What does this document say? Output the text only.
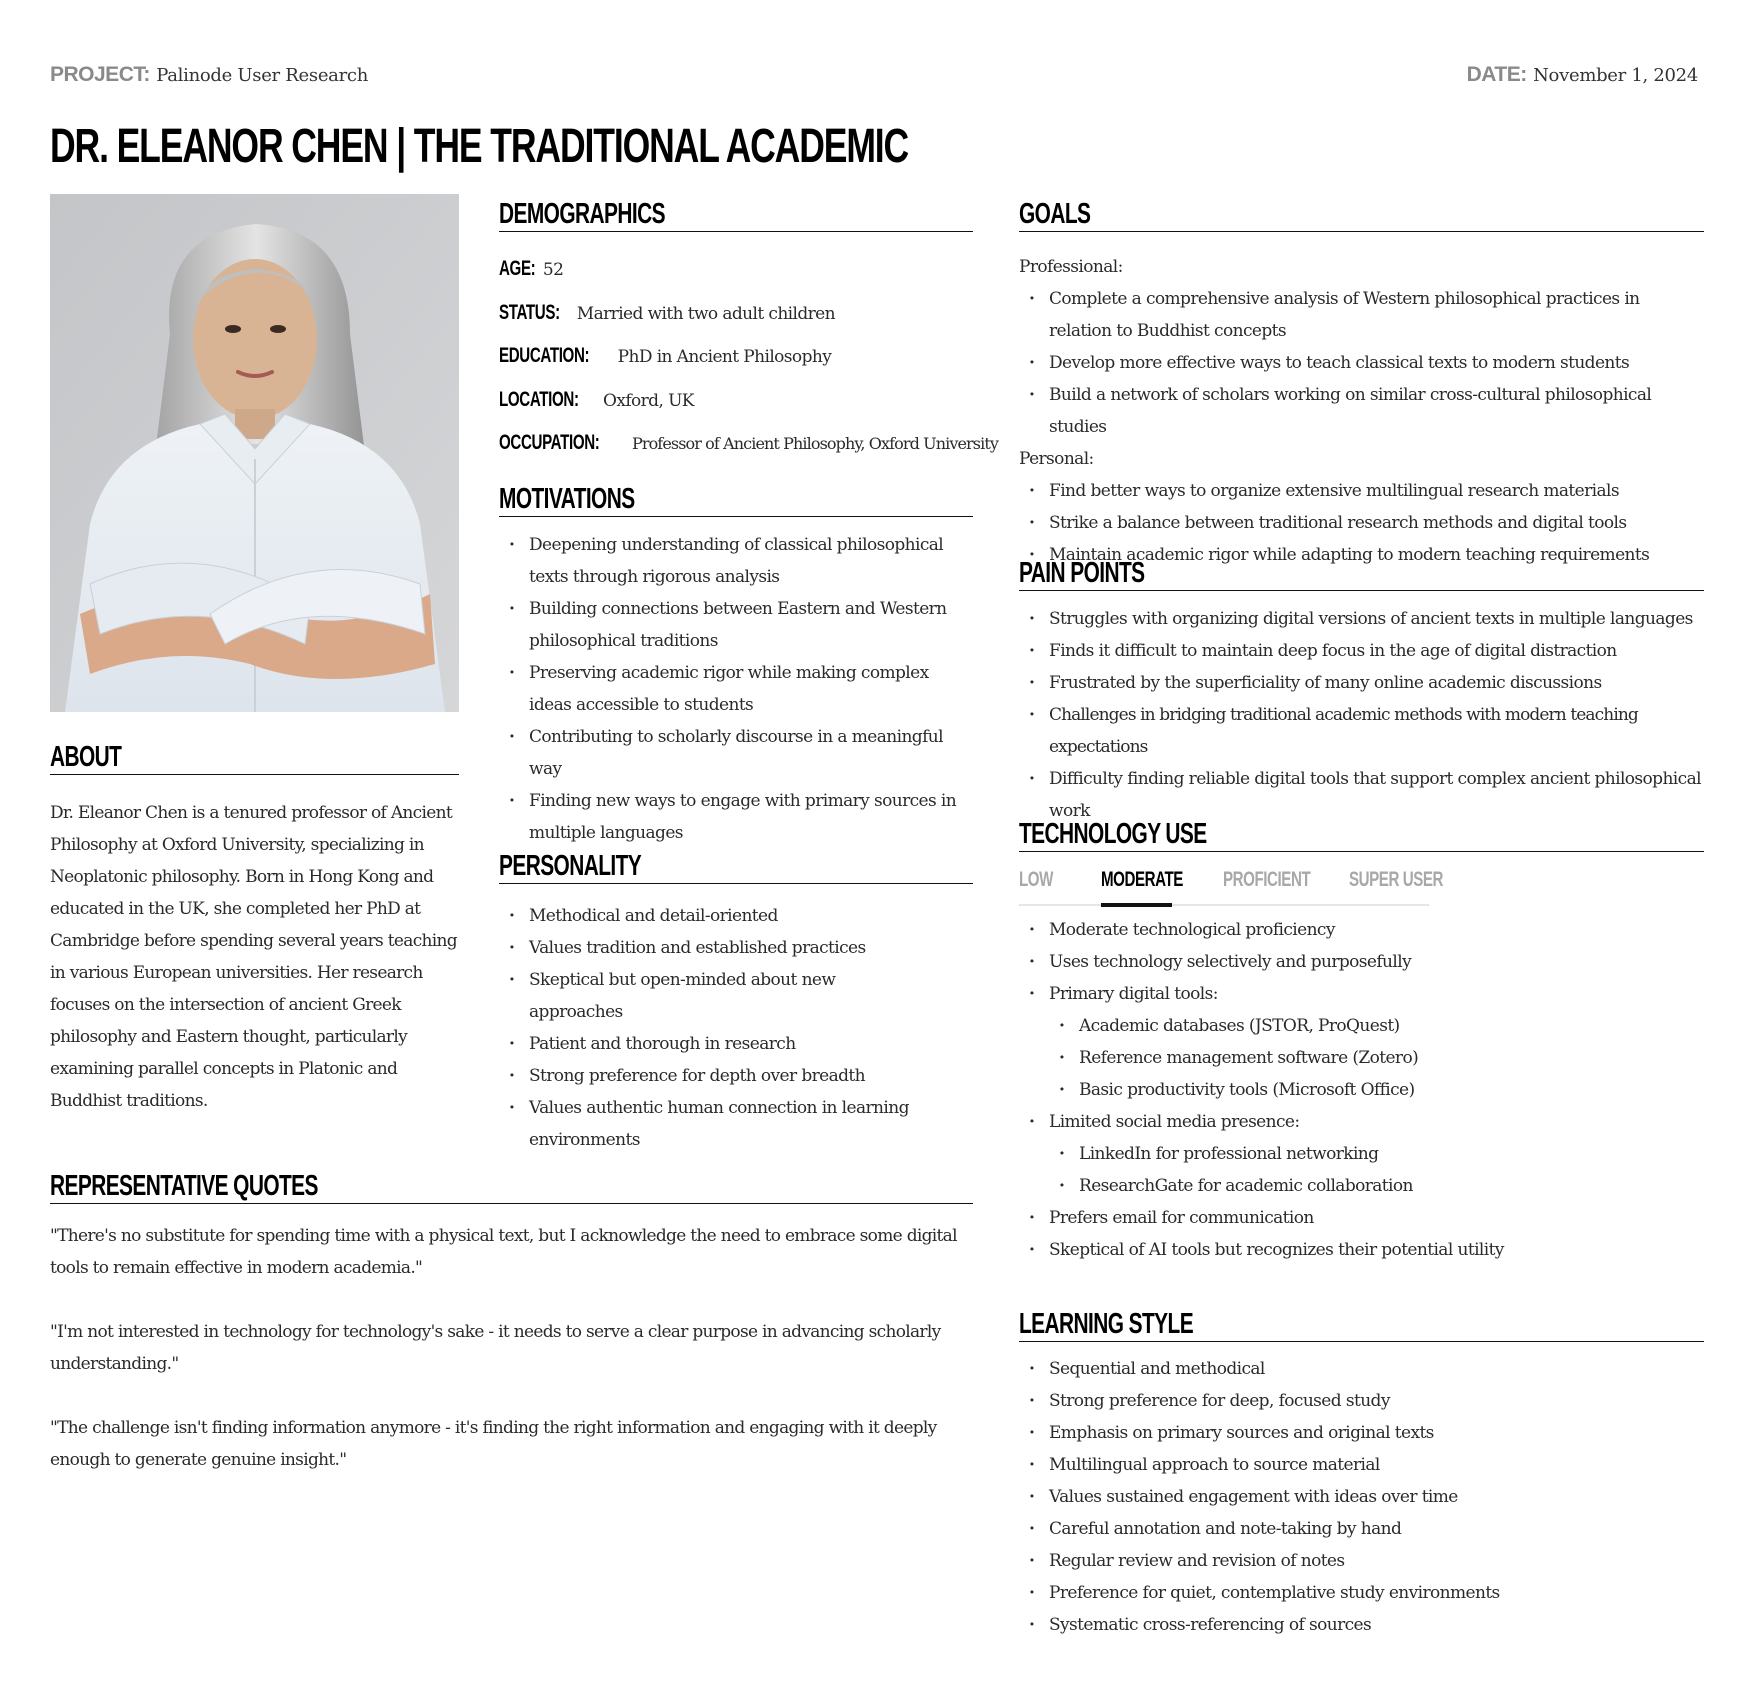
PROJECT: Palinode User Research	DATE: November 1, 2024
DR. ELEANOR CHEN | THE TRADITIONAL ACADEMIC
ABOUT

Dr. Eleanor Chen is a tenured professor of Ancient Philosophy at Oxford University, specializing in Neoplatonic philosophy. Born in Hong Kong and educated in the UK, she completed her PhD at Cambridge before spending several years teaching in various European universities. Her research focuses on the intersection of ancient Greek philosophy and Eastern thought, particularly examining parallel concepts in Platonic and Buddhist traditions.

DEMOGRAPHICS
AGE: 52
STATUS: Married with two adult children
EDUCATION: PhD in Ancient Philosophy
LOCATION: Oxford, UK
OCCUPATION: Professor of Ancient Philosophy, Oxford University
MOTIVATIONS
· Deepening understanding of classical philosophical texts through rigorous analysis
· Building connections between Eastern and Western philosophical traditions
· Preserving academic rigor while making complex ideas accessible to students
· Contributing to scholarly discourse in a meaningful way
· Finding new ways to engage with primary sources in multiple languages
PERSONALITY
· Methodical and detail-oriented
· Values tradition and established practices
· Skeptical but open-minded about new approaches
· Patient and thorough in research
· Strong preference for depth over breadth
· Values authentic human connection in learning environments
REPRESENTATIVE QUOTES

"There's no substitute for spending time with a physical text, but I acknowledge the need to embrace some digital tools to remain effective in modern academia."

"I'm not interested in technology for technology's sake - it needs to serve a clear purpose in advancing scholarly understanding."

"The challenge isn't finding information anymore - it's finding the right information and engaging with it deeply enough to generate genuine insight."

GOALS
Professional:
· Complete a comprehensive analysis of Western philosophical practices in relation to Buddhist concepts
· Develop more effective ways to teach classical texts to modern students
· Build a network of scholars working on similar cross-cultural philosophical studies
Personal:
· Find better ways to organize extensive multilingual research materials
· Strike a balance between traditional research methods and digital tools
· Maintain academic rigor while adapting to modern teaching requirements
PAIN POINTS
· Struggles with organizing digital versions of ancient texts in multiple languages
· Finds it difficult to maintain deep focus in the age of digital distraction
· Frustrated by the superficiality of many online academic discussions
· Challenges in bridging traditional academic methods with modern teaching expectations
· Difficulty finding reliable digital tools that support complex ancient philosophical work
TECHNOLOGY USE
LOW MODERATE PROFICIENT SUPER USER
· Moderate technological proficiency
· Uses technology selectively and purposefully
· Primary digital tools:
· Academic databases (JSTOR, ProQuest)
· Reference management software (Zotero)
· Basic productivity tools (Microsoft Office)
· Limited social media presence:
· LinkedIn for professional networking
· ResearchGate for academic collaboration
· Prefers email for communication
· Skeptical of AI tools but recognizes their potential utility
LEARNING STYLE
· Sequential and methodical
· Strong preference for deep, focused study
· Emphasis on primary sources and original texts
· Multilingual approach to source material
· Values sustained engagement with ideas over time
· Careful annotation and note-taking by hand
· Regular review and revision of notes
· Preference for quiet, contemplative study environments
· Systematic cross-referencing of sources
